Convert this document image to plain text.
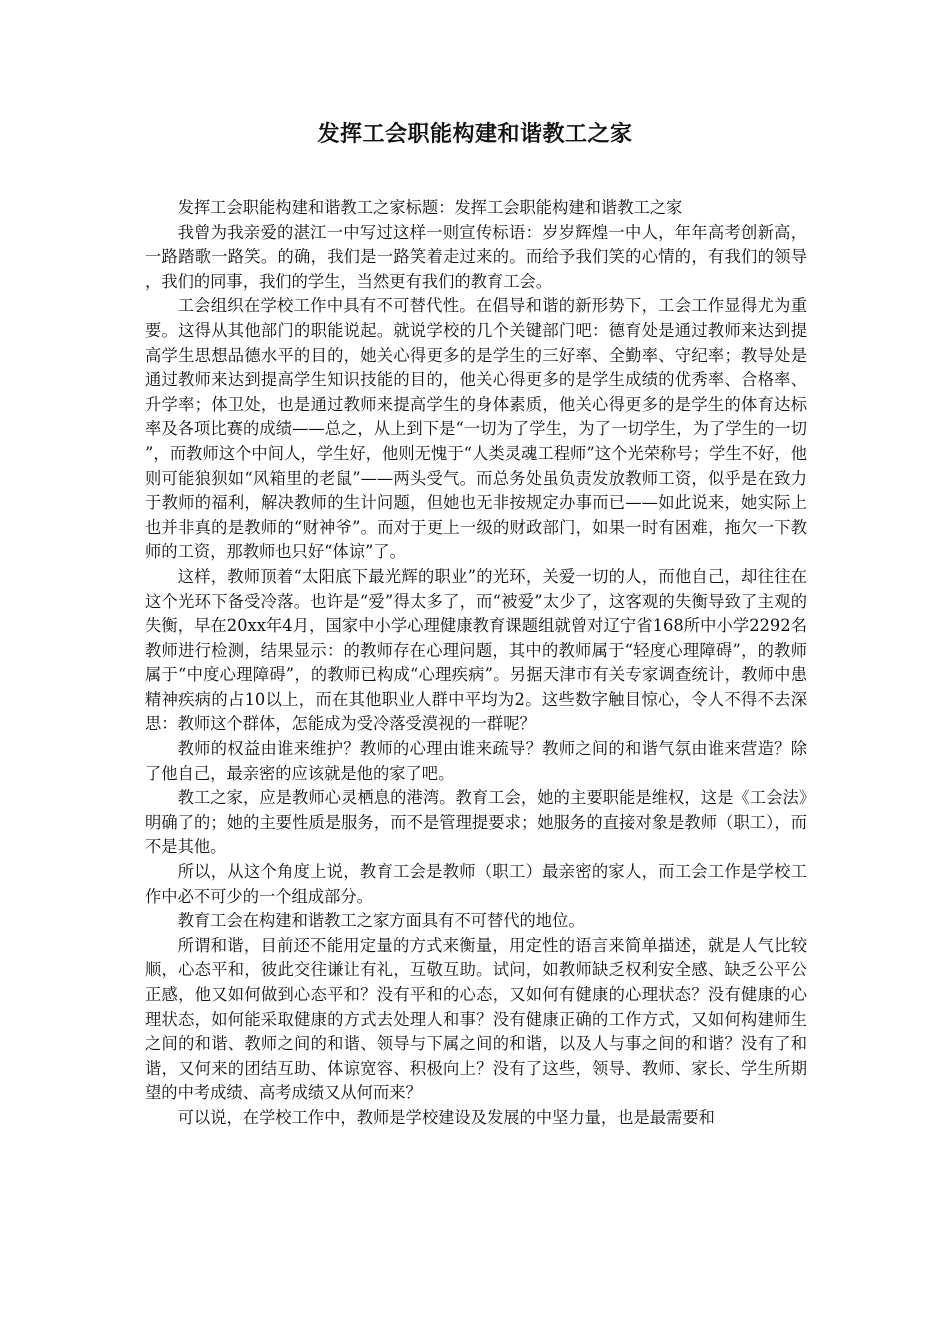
发挥工会职能构建和谐教工之家

发挥工会职能构建和谐教工之家标题：发挥工会职能构建和谐教工之家

我曾为我亲爱的湛江一中写过这样一则宣传标语：岁岁辉煌一中人，年年高考创新高，一路踏歌一路笑。的确，我们是一路笑着走过来的。而给予我们笑的心情的，有我们的领导，我们的同事，我们的学生，当然更有我们的教育工会。

工会组织在学校工作中具有不可替代性。在倡导和谐的新形势下，工会工作显得尤为重要。这得从其他部门的职能说起。就说学校的几个关键部门吧：德育处是通过教师来达到提高学生思想品德水平的目的，她关心得更多的是学生的三好率、全勤率、守纪率；教导处是通过教师来达到提高学生知识技能的目的，他关心得更多的是学生成绩的优秀率、合格率、升学率；体卫处，也是通过教师来提高学生的身体素质，他关心得更多的是学生的体育达标率及各项比赛的成绩——总之，从上到下是“一切为了学生，为了一切学生，为了学生的一切”，而教师这个中间人，学生好，他则无愧于“人类灵魂工程师”这个光荣称号；学生不好，他则可能狼狈如“风箱里的老鼠”——两头受气。而总务处虽负责发放教师工资，似乎是在致力于教师的福利，解决教师的生计问题，但她也无非按规定办事而已——如此说来，她实际上也并非真的是教师的“财神爷”。而对于更上一级的财政部门，如果一时有困难，拖欠一下教师的工资，那教师也只好“体谅”了。

这样，教师顶着“太阳底下最光辉的职业”的光环，关爱一切的人，而他自己，却往往在这个光环下备受冷落。也许是“爱”得太多了，而“被爱”太少了，这客观的失衡导致了主观的失衡，早在20xx年4月，国家中小学心理健康教育课题组就曾对辽宁省168所中小学2292名教师进行检测，结果显示：的教师存在心理问题，其中的教师属于“轻度心理障碍”，的教师属于“中度心理障碍”，的教师已构成“心理疾病”。另据天津市有关专家调查统计，教师中患精神疾病的占10以上，而在其他职业人群中平均为2。这些数字触目惊心，令人不得不去深思：教师这个群体，怎能成为受冷落受漠视的一群呢？

教师的权益由谁来维护？教师的心理由谁来疏导？教师之间的和谐气氛由谁来营造？除了他自己，最亲密的应该就是他的家了吧。

教工之家，应是教师心灵栖息的港湾。教育工会，她的主要职能是维权，这是《工会法》明确了的；她的主要性质是服务，而不是管理提要求；她服务的直接对象是教师（职工），而不是其他。

所以，从这个角度上说，教育工会是教师（职工）最亲密的家人，而工会工作是学校工作中必不可少的一个组成部分。

教育工会在构建和谐教工之家方面具有不可替代的地位。

所谓和谐，目前还不能用定量的方式来衡量，用定性的语言来简单描述，就是人气比较顺，心态平和，彼此交往谦让有礼，互敬互助。试问，如教师缺乏权利安全感、缺乏公平公正感，他又如何做到心态平和？没有平和的心态，又如何有健康的心理状态？没有健康的心理状态，如何能采取健康的方式去处理人和事？没有健康正确的工作方式，又如何构建师生之间的和谐、教师之间的和谐、领导与下属之间的和谐，以及人与事之间的和谐？没有了和谐，又何来的团结互助、体谅宽容、积极向上？没有了这些，领导、教师、家长、学生所期望的中考成绩、高考成绩又从何而来？

可以说，在学校工作中，教师是学校建设及发展的中坚力量，也是最需要和
